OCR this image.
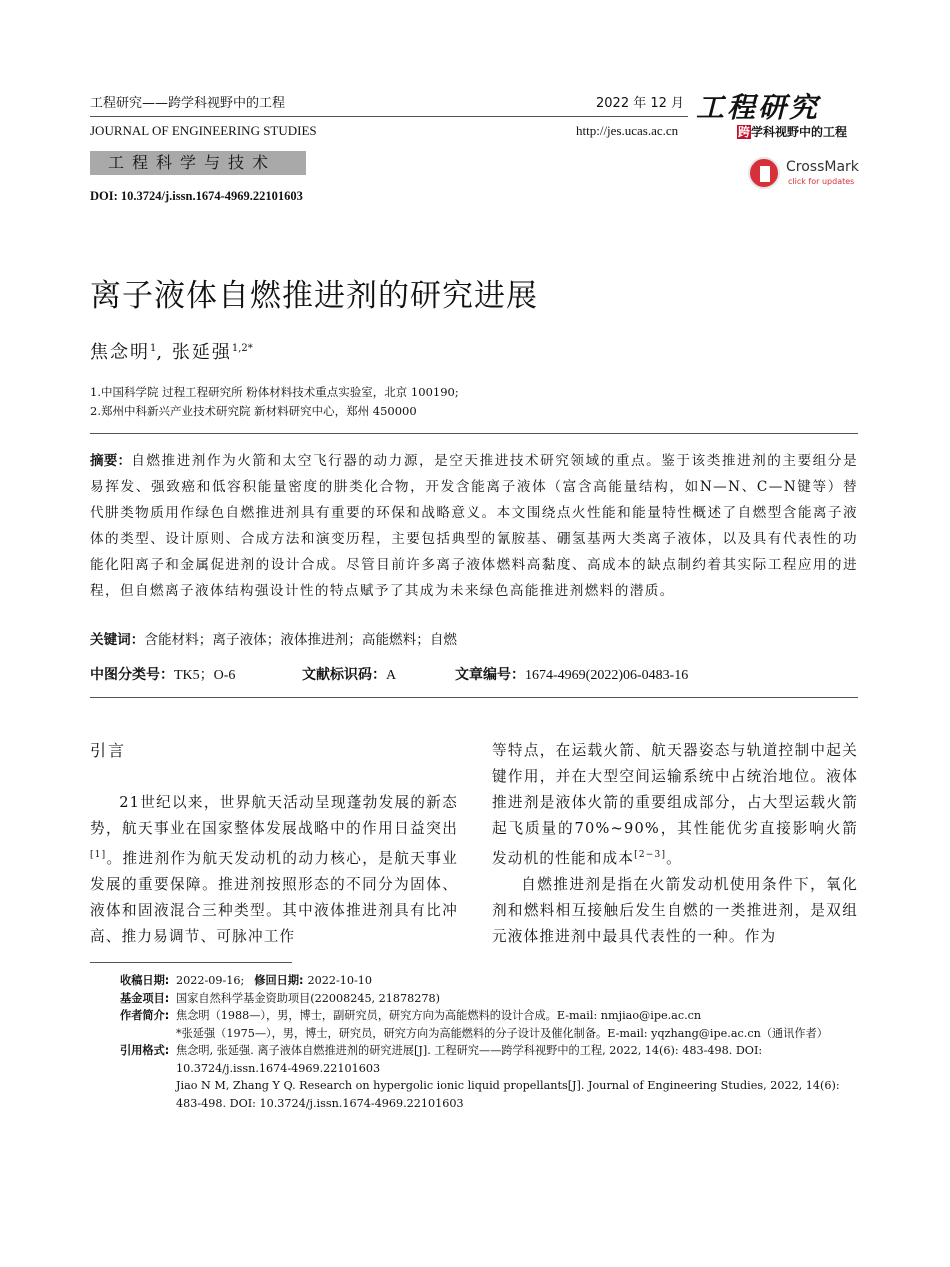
工程研究——跨学科视野中的工程	2022 年 12 月
JOURNAL OF ENGINEERING STUDIES	http://jes.ucas.ac.cn
工程研究
跨学科视野中的工程
工程科学与技术	CrossMark
click for updates
DOI: 10.3724/j.issn.1674-4969.22101603
离子液体自燃推进剂的研究进展
焦念明$^1$, 张延强$^{1,2*}$
1.中国科学院 过程工程研究所 粉体材料技术重点实验室，北京 100190;
2.郑州中科新兴产业技术研究院 新材料研究中心，郑州 450000
摘要：自燃推进剂作为火箭和太空飞行器的动力源，是空天推进技术研究领域的重点。鉴于该类推进剂的主要组分是易挥发、强致癌和低容积能量密度的肼类化合物，开发含能离子液体（富含高能量结构，如N—N、C—N键等）替代肼类物质用作绿色自燃推进剂具有重要的环保和战略意义。本文围绕点火性能和能量特性概述了自燃型含能离子液体的类型、设计原则、合成方法和演变历程，主要包括典型的氰胺基、硼氢基两大类离子液体，以及具有代表性的功能化阳离子和金属促进剂的设计合成。尽管目前许多离子液体燃料高黏度、高成本的缺点制约着其实际工程应用的进程，但自燃离子液体结构强设计性的特点赋予了其成为未来绿色高能推进剂燃料的潜质。
关键词：含能材料；离子液体；液体推进剂；高能燃料；自燃
中图分类号：TK5；O-6	文献标识码：A	文章编号：1674-4969(2022)06-0483-16
引言

21世纪以来，世界航天活动呈现蓬勃发展的新态势，航天事业在国家整体发展战略中的作用日益突出[1]。推进剂作为航天发动机的动力核心，是航天事业发展的重要保障。推进剂按照形态的不同分为固体、液体和固液混合三种类型。其中液体推进剂具有比冲高、推力易调节、可脉冲工作

等特点，在运载火箭、航天器姿态与轨道控制中起关键作用，并在大型空间运输系统中占统治地位。液体推进剂是液体火箭的重要组成部分，占大型运载火箭起飞质量的70%~90%，其性能优劣直接影响火箭发动机的性能和成本[2−3]。

自燃推进剂是指在火箭发动机使用条件下，氧化剂和燃料相互接触后发生自燃的一类推进剂，是双组元液体推进剂中最具代表性的一种。作为

收稿日期: 2022-09-16; 修回日期: 2022-10-10
基金项目: 国家自然科学基金资助项目(22008245, 21878278)
作者简介: 焦念明（1988—），男，博士，副研究员，研究方向为高能燃料的设计合成。E-mail: nmjiao@ipe.ac.cn
*张延强（1975—），男，博士，研究员，研究方向为高能燃料的分子设计及催化制备。E-mail: yqzhang@ipe.ac.cn（通讯作者）
引用格式: 焦念明, 张延强. 离子液体自燃推进剂的研究进展[J]. 工程研究——跨学科视野中的工程, 2022, 14(6): 483-498. DOI: 10.3724/j.issn.1674-4969.22101603
Jiao N M, Zhang Y Q. Research on hypergolic ionic liquid propellants[J]. Journal of Engineering Studies, 2022, 14(6): 483-498. DOI: 10.3724/j.issn.1674-4969.22101603
